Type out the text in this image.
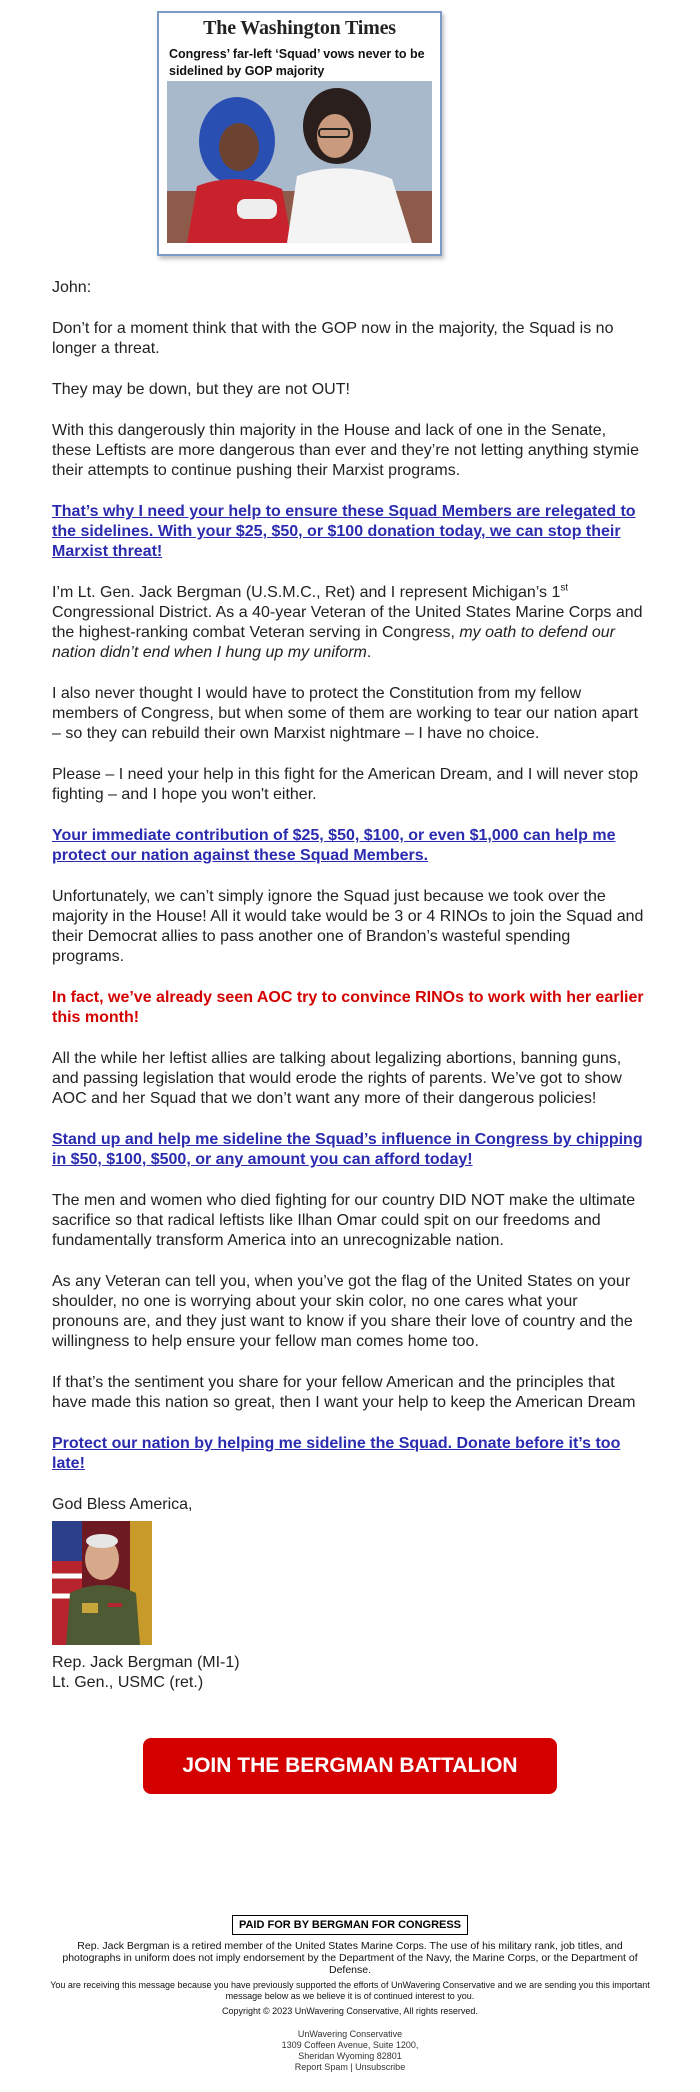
The Washington Times
Congress’ far-left ‘Squad’ vows never to be sidelined by GOP majority

John:

Don’t for a moment think that with the GOP now in the majority, the Squad is no longer a threat.

They may be down, but they are not OUT!

With this dangerously thin majority in the House and lack of one in the Senate, these Leftists are more dangerous than ever and they’re not letting anything stymie their attempts to continue pushing their Marxist programs.

That’s why I need your help to ensure these Squad Members are relegated to the sidelines. With your $25, $50, or $100 donation today, we can stop their Marxist threat!

I’m Lt. Gen. Jack Bergman (U.S.M.C., Ret) and I represent Michigan’s 1st Congressional District. As a 40-year Veteran of the United States Marine Corps and the highest-ranking combat Veteran serving in Congress, my oath to defend our nation didn’t end when I hung up my uniform.

I also never thought I would have to protect the Constitution from my fellow members of Congress, but when some of them are working to tear our nation apart – so they can rebuild their own Marxist nightmare – I have no choice.

Please – I need your help in this fight for the American Dream, and I will never stop fighting – and I hope you won't either.

Your immediate contribution of $25, $50, $100, or even $1,000 can help me protect our nation against these Squad Members.

Unfortunately, we can’t simply ignore the Squad just because we took over the majority in the House! All it would take would be 3 or 4 RINOs to join the Squad and their Democrat allies to pass another one of Brandon’s wasteful spending programs.

In fact, we’ve already seen AOC try to convince RINOs to work with her earlier this month!

All the while her leftist allies are talking about legalizing abortions, banning guns, and passing legislation that would erode the rights of parents. We’ve got to show AOC and her Squad that we don’t want any more of their dangerous policies!

Stand up and help me sideline the Squad’s influence in Congress by chipping in $50, $100, $500, or any amount you can afford today!

The men and women who died fighting for our country DID NOT make the ultimate sacrifice so that radical leftists like Ilhan Omar could spit on our freedoms and fundamentally transform America into an unrecognizable nation.

As any Veteran can tell you, when you’ve got the flag of the United States on your shoulder, no one is worrying about your skin color, no one cares what your pronouns are, and they just want to know if you share their love of country and the willingness to help ensure your fellow man comes home too.

If that’s the sentiment you share for your fellow American and the principles that have made this nation so great, then I want your help to keep the American Dream

Protect our nation by helping me sideline the Squad. Donate before it’s too late!

God Bless America,
Rep. Jack Bergman (MI-1)
Lt. Gen., USMC (ret.)
JOIN THE BERGMAN BATTALION
PAID FOR BY BERGMAN FOR CONGRESS
Rep. Jack Bergman is a retired member of the United States Marine Corps. The use of his military rank, job titles, and photographs in uniform does not imply endorsement by the Department of the Navy, the Marine Corps, or the Department of Defense.
You are receiving this message because you have previously supported the efforts of UnWavering Conservative and we are sending you this important message below as we believe it is of continued interest to you.
Copyright © 2023 UnWavering Conservative, All rights reserved.
UnWavering Conservative
1309 Coffeen Avenue, Suite 1200,
Sheridan Wyoming 82801
Report Spam | Unsubscribe
